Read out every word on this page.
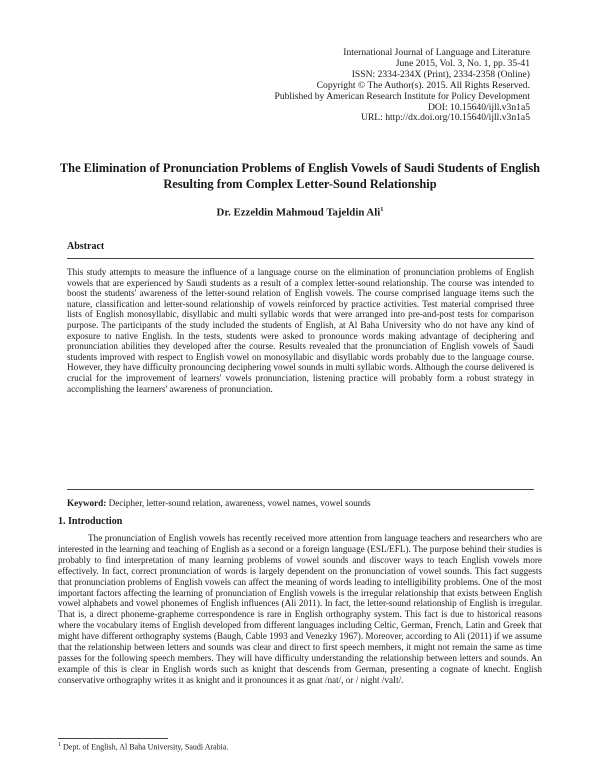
International Journal of Language and Literature
June 2015, Vol. 3, No. 1, pp. 35-41
ISSN: 2334-234X (Print), 2334-2358 (Online)
Copyright © The Author(s). 2015. All Rights Reserved.
Published by American Research Institute for Policy Development
DOI: 10.15640/ijll.v3n1a5
URL: http://dx.doi.org/10.15640/ijll.v3n1a5
The Elimination of Pronunciation Problems of English Vowels of Saudi Students of English Resulting from Complex Letter-Sound Relationship
Dr. Ezzeldin Mahmoud Tajeldin Ali$^1$
Abstract
This study attempts to measure the influence of a language course on the elimination of pronunciation problems of English vowels that are experienced by Saudi students as a result of a complex letter-sound relationship. The course was intended to boost the students' awareness of the letter-sound relation of English vowels. The course comprised language items such the nature, classification and letter-sound relationship of vowels reinforced by practice activities. Test material comprised three lists of English monosyllabic, disyllabic and multi syllabic words that were arranged into pre-and-post tests for comparison purpose. The participants of the study included the students of English, at Al Baha University who do not have any kind of exposure to native English. In the tests, students were asked to pronounce words making advantage of deciphering and pronunciation abilities they developed after the course. Results revealed that the pronunciation of English vowels of Saudi students improved with respect to English vowel on monosyllabic and disyllabic words probably due to the language course. However, they have difficulty pronouncing deciphering vowel sounds in multi syllabic words. Although the course delivered is crucial for the improvement of learners' vowels pronunciation, listening practice will probably form a robust strategy in accomplishing the learners' awareness of pronunciation.
Keyword: Decipher, letter-sound relation, awareness, vowel names, vowel sounds
1. Introduction
The pronunciation of English vowels has recently received more attention from language teachers and researchers who are interested in the learning and teaching of English as a second or a foreign language (ESL/EFL). The purpose behind their studies is probably to find interpretation of many learning problems of vowel sounds and discover ways to teach English vowels more effectively. In fact, correct pronunciation of words is largely dependent on the pronunciation of vowel sounds. This fact suggests that pronunciation problems of English vowels can affect the meaning of words leading to intelligibility problems. One of the most important factors affecting the learning of pronunciation of English vowels is the irregular relationship that exists between English vowel alphabets and vowel phonemes of English influences (Ali 2011). In fact, the letter-sound relationship of English is irregular. That is, a direct phoneme-grapheme correspondence is rare in English orthography system. This fact is due to historical reasons where the vocabulary items of English developed from different languages including Celtic, German, French, Latin and Greek that might have different orthography systems (Baugh, Cable 1993 and Venezky 1967). Moreover, according to Ali (2011) if we assume that the relationship between letters and sounds was clear and direct to first speech members, it might not remain the same as time passes for the following speech members. They will have difficulty understanding the relationship between letters and sounds. An example of this is clear in English words such as knight that descends from German, presenting a cognate of knecht. English conservative orthography writes it as knight and it pronounces it as gnat /nat/, or / night /vaIt/.
$^1$ Dept. of English, Al Baha University, Saudi Arabia.
